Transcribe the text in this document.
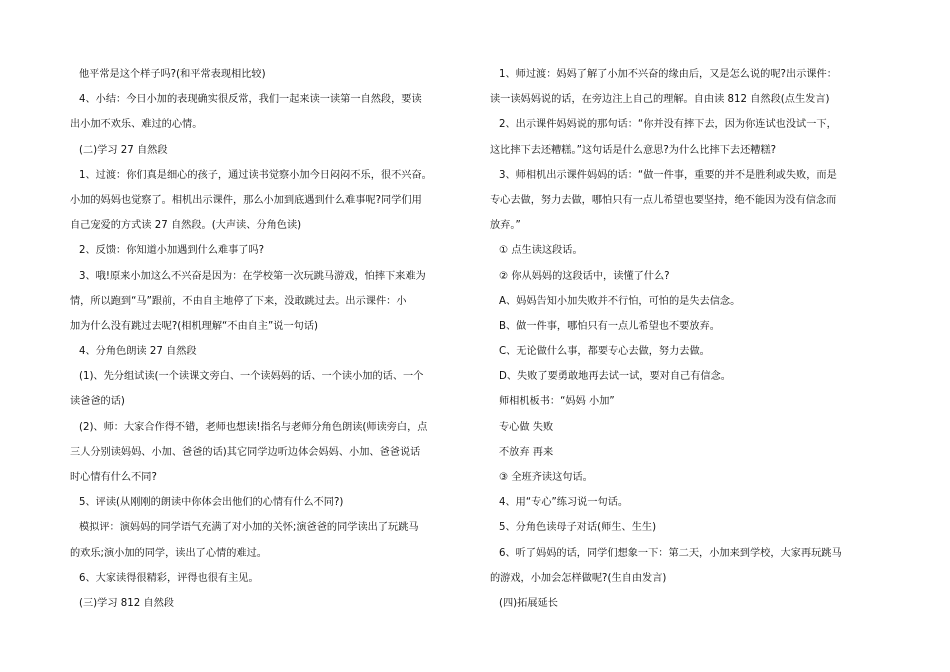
他平常是这个样子吗?(和平常表现相比较)
4、小结：今日小加的表现确实很反常，我们一起来读一读第一自然段，要读
出小加不欢乐、难过的心情。
(二)学习 27 自然段
1、过渡：你们真是细心的孩子，通过读书觉察小加今日闷闷不乐，很不兴奋。
小加的妈妈也觉察了。相机出示课件，那么小加到底遇到什么难事呢?同学们用
自己宠爱的方式读 27 自然段。(大声读、分角色读)
2、反馈：你知道小加遇到什么难事了吗?
3、哦!原来小加这么不兴奋是因为：在学校第一次玩跳马游戏，怕摔下来难为
情，所以跑到“马”跟前，不由自主地停了下来，没敢跳过去。出示课件：小
加为什么没有跳过去呢?(相机理解“不由自主”说一句话)
4、分角色朗读 27 自然段
(1)、先分组试读(一个读课文旁白、一个读妈妈的话、一个读小加的话、一个
读爸爸的话)
(2)、师：大家合作得不错，老师也想读!指名与老师分角色朗读(师读旁白，点
三人分别读妈妈、小加、爸爸的话)其它同学边听边体会妈妈、小加、爸爸说话
时心情有什么不同?
5、评读(从刚刚的朗读中你体会出他们的心情有什么不同?)
模拟评：演妈妈的同学语气充满了对小加的关怀;演爸爸的同学读出了玩跳马
的欢乐;演小加的同学，读出了心情的难过。
6、大家读得很精彩，评得也很有主见。
(三)学习 812 自然段
1、师过渡：妈妈了解了小加不兴奋的缘由后，又是怎么说的呢?出示课件：
读一读妈妈说的话，在旁边注上自己的理解。自由读 812 自然段(点生发言)
2、出示课件妈妈说的那句话：“你并没有摔下去，因为你连试也没试一下，
这比摔下去还糟糕。”这句话是什么意思?为什么比摔下去还糟糕?
3、师相机出示课件妈妈的话：“做一件事，重要的并不是胜利或失败，而是
专心去做，努力去做，哪怕只有一点儿希望也要坚持，绝不能因为没有信念而
放弃。”
① 点生读这段话。
② 你从妈妈的这段话中，读懂了什么?
A、妈妈告知小加失败并不行怕，可怕的是失去信念。
B、做一件事，哪怕只有一点儿希望也不要放弃。
C、无论做什么事，都要专心去做，努力去做。
D、失败了要勇敢地再去试一试，要对自己有信念。
师相机板书：“妈妈 小加”
专心做 失败
不放弃 再来
③ 全班齐读这句话。
4、用“专心”练习说一句话。
5、分角色读母子对话(师生、生生)
6、听了妈妈的话，同学们想象一下：第二天，小加来到学校，大家再玩跳马
的游戏，小加会怎样做呢?(生自由发言)
(四)拓展延长
